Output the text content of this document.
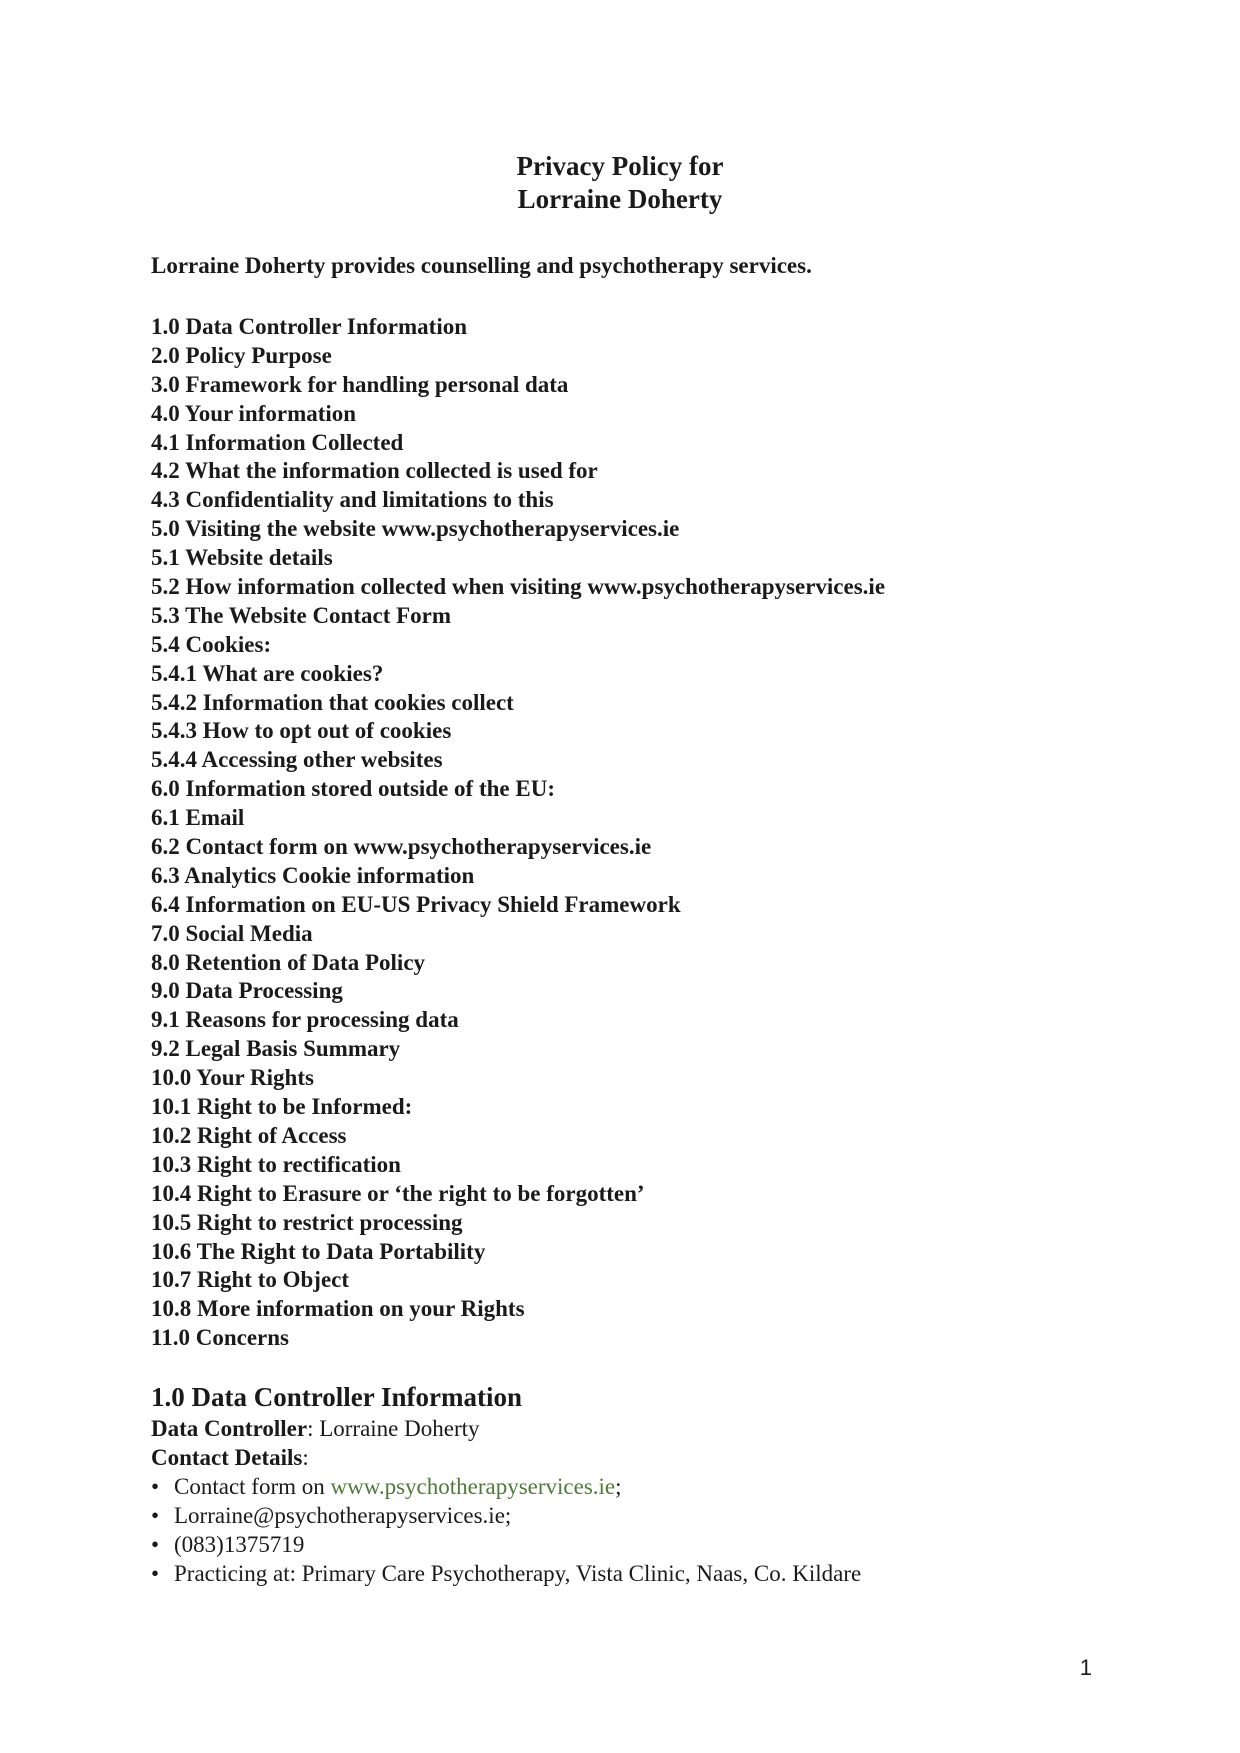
Privacy Policy for
Lorraine Doherty
Lorraine Doherty provides counselling and psychotherapy services.
1.0 Data Controller Information
2.0 Policy Purpose
3.0 Framework for handling personal data
4.0 Your information
4.1 Information Collected
4.2 What the information collected is used for
4.3 Confidentiality and limitations to this
5.0 Visiting the website www.psychotherapyservices.ie
5.1 Website details
5.2 How information collected when visiting www.psychotherapyservices.ie
5.3 The Website Contact Form
5.4 Cookies:
5.4.1 What are cookies?
5.4.2 Information that cookies collect
5.4.3 How to opt out of cookies
5.4.4 Accessing other websites
6.0 Information stored outside of the EU:
6.1 Email
6.2 Contact form on www.psychotherapyservices.ie
6.3 Analytics Cookie information
6.4 Information on EU-US Privacy Shield Framework
7.0 Social Media
8.0 Retention of Data Policy
9.0 Data Processing
9.1 Reasons for processing data
9.2 Legal Basis Summary
10.0 Your Rights
10.1 Right to be Informed:
10.2 Right of Access
10.3 Right to rectification
10.4 Right to Erasure or ‘the right to be forgotten’
10.5 Right to restrict processing
10.6 The Right to Data Portability
10.7 Right to Object
10.8 More information on your Rights
11.0 Concerns
1.0 Data Controller Information
Data Controller: Lorraine Doherty
Contact Details:
• Contact form on www.psychotherapyservices.ie;
• Lorraine@psychotherapyservices.ie;
• (083)1375719
• Practicing at: Primary Care Psychotherapy, Vista Clinic, Naas, Co. Kildare
1
